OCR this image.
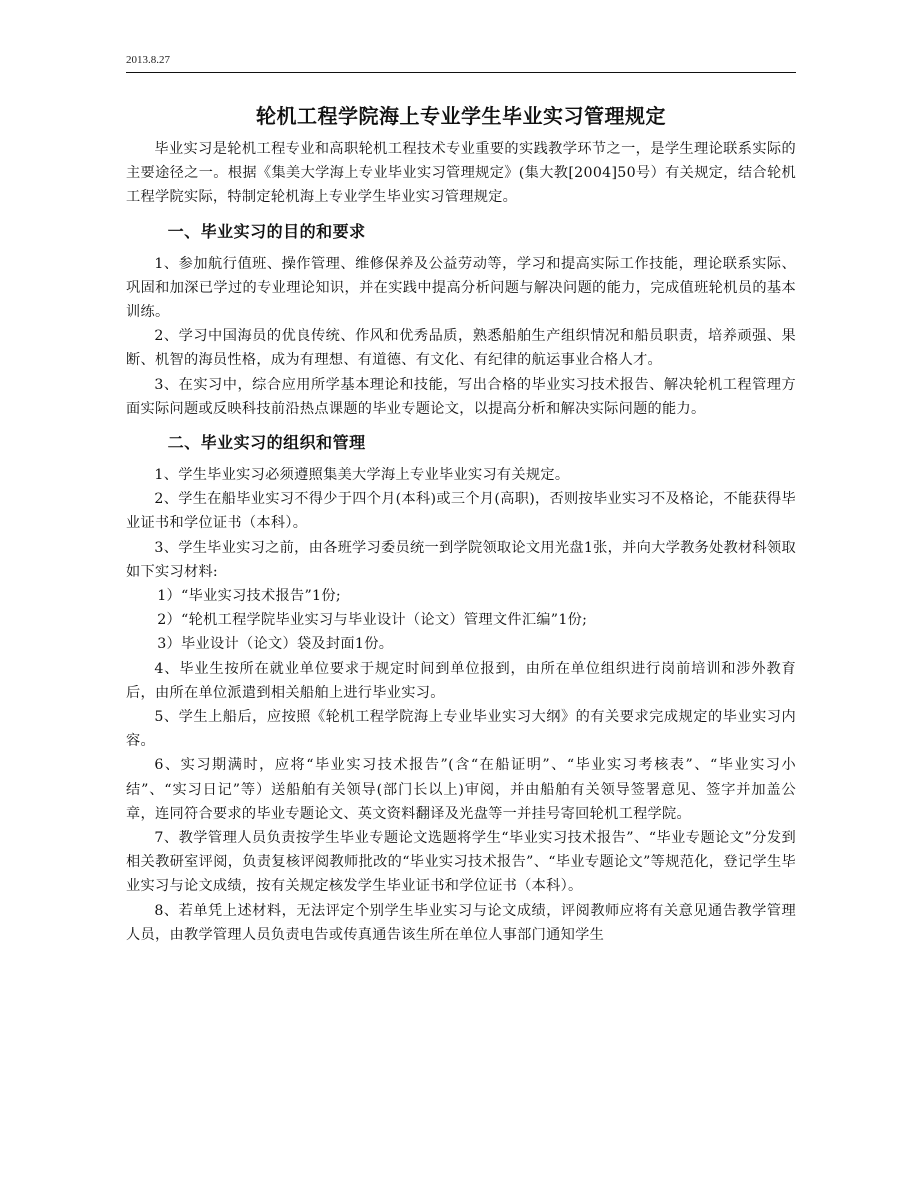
2013.8.27
轮机工程学院海上专业学生毕业实习管理规定

毕业实习是轮机工程专业和高职轮机工程技术专业重要的实践教学环节之一，是学生理论联系实际的主要途径之一。根据《集美大学海上专业毕业实习管理规定》(集大教[2004]50号）有关规定，结合轮机工程学院实际，特制定轮机海上专业学生毕业实习管理规定。

一、毕业实习的目的和要求

1、参加航行值班、操作管理、维修保养及公益劳动等，学习和提高实际工作技能，理论联系实际、巩固和加深已学过的专业理论知识，并在实践中提高分析问题与解决问题的能力，完成值班轮机员的基本训练。

2、学习中国海员的优良传统、作风和优秀品质，熟悉船舶生产组织情况和船员职责，培养顽强、果断、机智的海员性格，成为有理想、有道德、有文化、有纪律的航运事业合格人才。

3、在实习中，综合应用所学基本理论和技能，写出合格的毕业实习技术报告、解决轮机工程管理方面实际问题或反映科技前沿热点课题的毕业专题论文，以提高分析和解决实际问题的能力。

二、毕业实习的组织和管理

1、学生毕业实习必须遵照集美大学海上专业毕业实习有关规定。

2、学生在船毕业实习不得少于四个月(本科)或三个月(高职)，否则按毕业实习不及格论，不能获得毕业证书和学位证书（本科）。

3、学生毕业实习之前，由各班学习委员统一到学院领取论文用光盘1张，并向大学教务处教材科领取如下实习材料:

1）“毕业实习技术报告”1份;

2）“轮机工程学院毕业实习与毕业设计（论文）管理文件汇编”1份;

3）毕业设计（论文）袋及封面1份。

4、毕业生按所在就业单位要求于规定时间到单位报到，由所在单位组织进行岗前培训和涉外教育后，由所在单位派遣到相关船舶上进行毕业实习。

5、学生上船后，应按照《轮机工程学院海上专业毕业实习大纲》的有关要求完成规定的毕业实习内容。

6、实习期满时，应将“毕业实习技术报告”(含“在船证明”、“毕业实习考核表”、“毕业实习小结”、“实习日记”等）送船舶有关领导(部门长以上)审阅，并由船舶有关领导签署意见、签字并加盖公章，连同符合要求的毕业专题论文、英文资料翻译及光盘等一并挂号寄回轮机工程学院。

7、教学管理人员负责按学生毕业专题论文选题将学生“毕业实习技术报告”、“毕业专题论文”分发到相关教研室评阅，负责复核评阅教师批改的“毕业实习技术报告”、“毕业专题论文”等规范化，登记学生毕业实习与论文成绩，按有关规定核发学生毕业证书和学位证书（本科）。

8、若单凭上述材料，无法评定个别学生毕业实习与论文成绩，评阅教师应将有关意见通告教学管理人员，由教学管理人员负责电告或传真通告该生所在单位人事部门通知学生
